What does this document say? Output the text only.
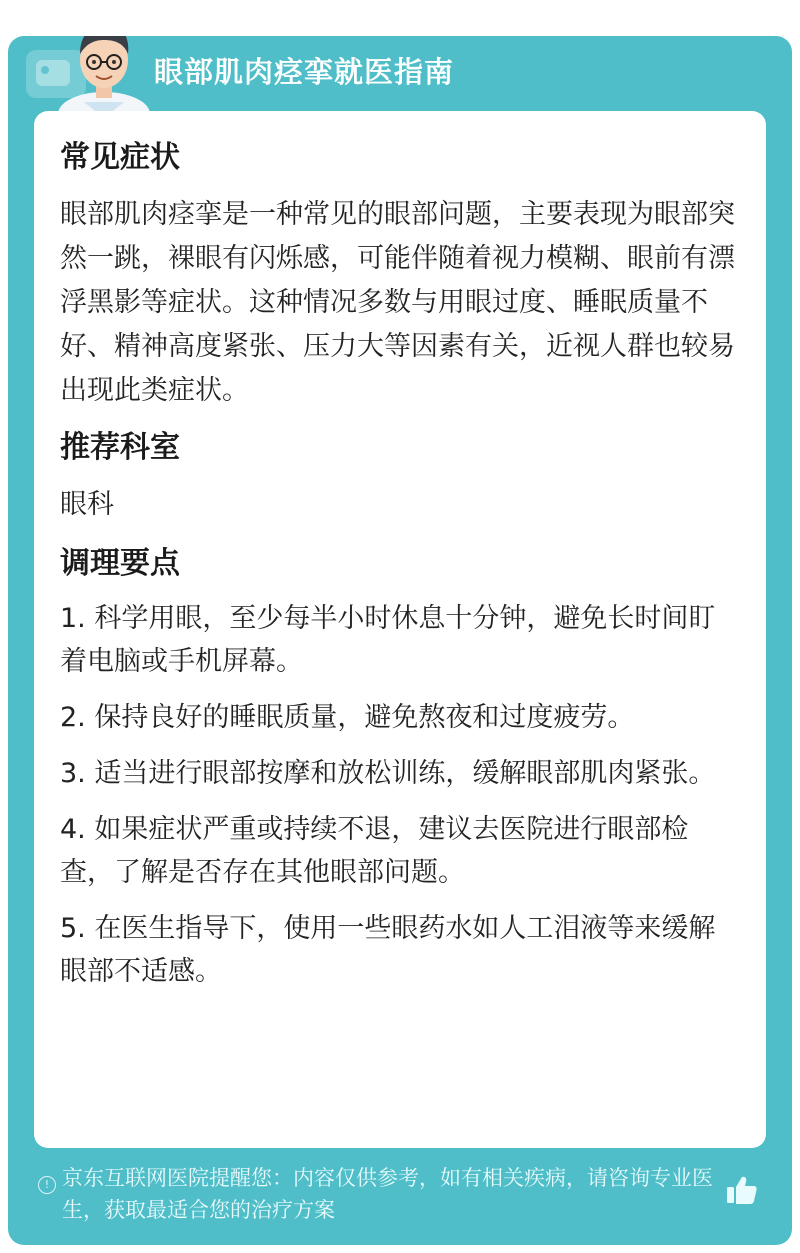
眼部肌肉痉挛就医指南
常见症状

眼部肌肉痉挛是一种常见的眼部问题，主要表现为眼部突然一跳，裸眼有闪烁感，可能伴随着视力模糊、眼前有漂浮黑影等症状。这种情况多数与用眼过度、睡眠质量不好、精神高度紧张、压力大等因素有关，近视人群也较易出现此类症状。

推荐科室

眼科

调理要点

1. 科学用眼，至少每半小时休息十分钟，避免长时间盯着电脑或手机屏幕。

2. 保持良好的睡眠质量，避免熬夜和过度疲劳。

3. 适当进行眼部按摩和放松训练，缓解眼部肌肉紧张。

4. 如果症状严重或持续不退，建议去医院进行眼部检查，了解是否存在其他眼部问题。

5. 在医生指导下，使用一些眼药水如人工泪液等来缓解眼部不适感。

! 京东互联网医院提醒您：内容仅供参考，如有相关疾病，请咨询专业医生，获取最适合您的治疗方案
